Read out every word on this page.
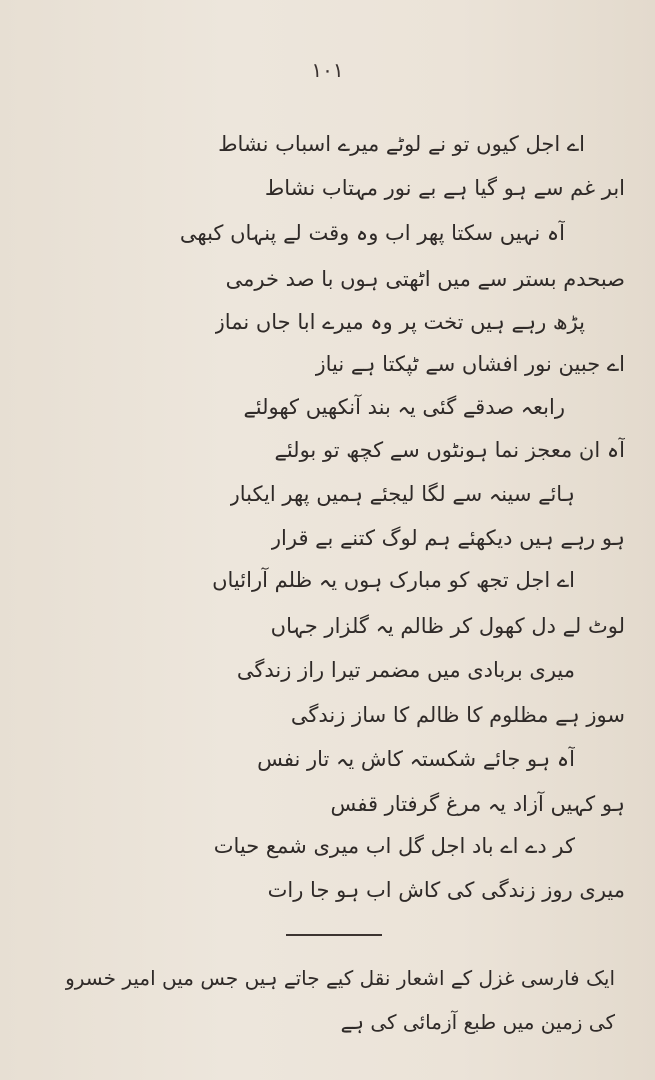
١٠١
اے اجل کیوں تو نے لوٹے میرے اسباب نشاط
ابر غم سے ہو گیا ہے بے نور مہتاب نشاط
آہ نہیں سکتا پھر اب وہ وقت لے پنہاں کبھی
صبحدم بستر سے میں اٹھتی ہوں با صد خرمی
پڑھ رہے ہیں تخت پر وہ میرے ابا جاں نماز
اے جبین نور افشاں سے ٹپکتا ہے نیاز
رابعہ صدقے گئی یہ بند آنکھیں کھولئے
آہ ان معجز نما ہونٹوں سے کچھ تو بولئے
ہائے سینہ سے لگا لیجئے ہمیں پھر ایکبار
ہو رہے ہیں دیکھئے ہم لوگ کتنے بے قرار
اے اجل تجھ کو مبارک ہوں یہ ظلم آرائیاں
لوٹ لے دل کھول کر ظالم یہ گلزار جہاں
میری بربادی میں مضمر تیرا راز زندگی
سوز ہے مظلوم کا ظالم کا ساز زندگی
آہ ہو جائے شکستہ کاش یہ تار نفس
ہو کہیں آزاد یہ مرغ گرفتار قفس
کر دے اے باد اجل گل اب میری شمع حیات
میری روز زندگی کی کاش اب ہو جا رات
ایک فارسی غزل کے اشعار نقل کیے جاتے ہیں جس میں امیر خسرو
کی زمین میں طبع آزمائی کی ہے
